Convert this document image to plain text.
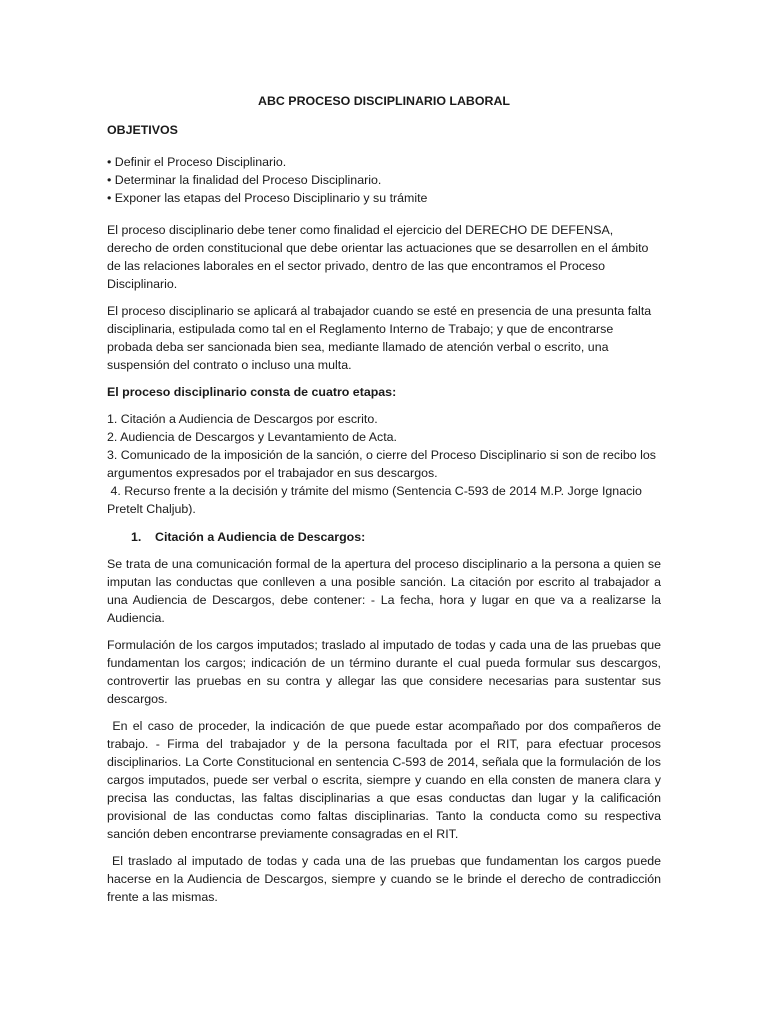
ABC PROCESO DISCIPLINARIO LABORAL
OBJETIVOS
• Definir el Proceso Disciplinario.
• Determinar la finalidad del Proceso Disciplinario.
• Exponer las etapas del Proceso Disciplinario y su trámite

El proceso disciplinario debe tener como finalidad el ejercicio del DERECHO DE DEFENSA, derecho de orden constitucional que debe orientar las actuaciones que se desarrollen en el ámbito de las relaciones laborales en el sector privado, dentro de las que encontramos el Proceso Disciplinario.

El proceso disciplinario se aplicará al trabajador cuando se esté en presencia de una presunta falta disciplinaria, estipulada como tal en el Reglamento Interno de Trabajo; y que de encontrarse probada deba ser sancionada bien sea, mediante llamado de atención verbal o escrito, una suspensión del contrato o incluso una multa.

El proceso disciplinario consta de cuatro etapas:
1. Citación a Audiencia de Descargos por escrito.
2. Audiencia de Descargos y Levantamiento de Acta.
3. Comunicado de la imposición de la sanción, o cierre del Proceso Disciplinario si son de recibo los argumentos expresados por el trabajador en sus descargos.
4. Recurso frente a la decisión y trámite del mismo (Sentencia C-593 de 2014 M.P. Jorge Ignacio Pretelt Chaljub).
1. Citación a Audiencia de Descargos:

Se trata de una comunicación formal de la apertura del proceso disciplinario a la persona a quien se imputan las conductas que conlleven a una posible sanción. La citación por escrito al trabajador a una Audiencia de Descargos, debe contener: - La fecha, hora y lugar en que va a realizarse la Audiencia.

Formulación de los cargos imputados; traslado al imputado de todas y cada una de las pruebas que fundamentan los cargos; indicación de un término durante el cual pueda formular sus descargos, controvertir las pruebas en su contra y allegar las que considere necesarias para sustentar sus descargos.

En el caso de proceder, la indicación de que puede estar acompañado por dos compañeros de trabajo. - Firma del trabajador y de la persona facultada por el RIT, para efectuar procesos disciplinarios. La Corte Constitucional en sentencia C-593 de 2014, señala que la formulación de los cargos imputados, puede ser verbal o escrita, siempre y cuando en ella consten de manera clara y precisa las conductas, las faltas disciplinarias a que esas conductas dan lugar y la calificación provisional de las conductas como faltas disciplinarias. Tanto la conducta como su respectiva sanción deben encontrarse previamente consagradas en el RIT.

El traslado al imputado de todas y cada una de las pruebas que fundamentan los cargos puede hacerse en la Audiencia de Descargos, siempre y cuando se le brinde el derecho de contradicción frente a las mismas.
